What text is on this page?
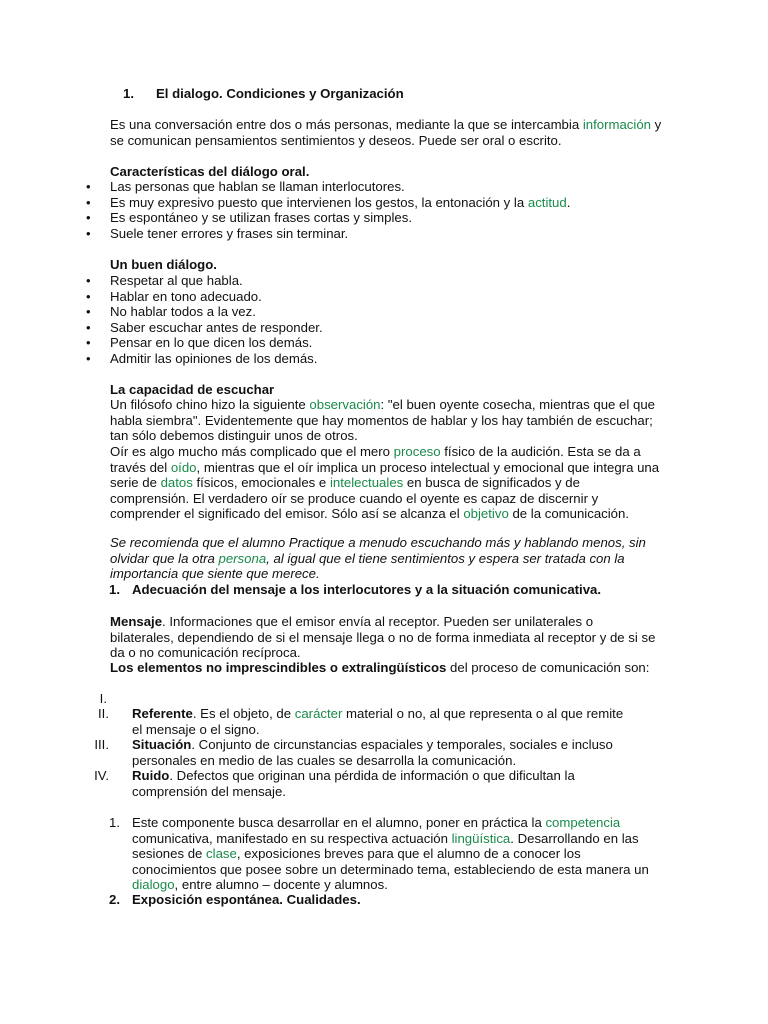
1. El dialogo. Condiciones y Organización

Es una conversación entre dos o más personas, mediante la que se intercambia información y se comunican pensamientos sentimientos y deseos. Puede ser oral o escrito.

Características del diálogo oral.

• Las personas que hablan se llaman interlocutores.
• Es muy expresivo puesto que intervienen los gestos, la entonación y la actitud.
• Es espontáneo y se utilizan frases cortas y simples.
• Suele tener errores y frases sin terminar.

Un buen diálogo.

• Respetar al que habla.
• Hablar en tono adecuado.
• No hablar todos a la vez.
• Saber escuchar antes de responder.
• Pensar en lo que dicen los demás.
• Admitir las opiniones de los demás.

La capacidad de escuchar

Un filósofo chino hizo la siguiente observación: "el buen oyente cosecha, mientras que el que habla siembra". Evidentemente que hay momentos de hablar y los hay también de escuchar; tan sólo debemos distinguir unos de otros.

Oír es algo mucho más complicado que el mero proceso físico de la audición. Esta se da a través del oído, mientras que el oír implica un proceso intelectual y emocional que integra una serie de datos físicos, emocionales e intelectuales en busca de significados y de comprensión. El verdadero oír se produce cuando el oyente es capaz de discernir y comprender el significado del emisor. Sólo así se alcanza el objetivo de la comunicación.

Se recomienda que el alumno Practique a menudo escuchando más y hablando menos, sin olvidar que la otra persona, al igual que el tiene sentimientos y espera ser tratada con la importancia que siente que merece.

1. Adecuación del mensaje a los interlocutores y a la situación comunicativa.

Mensaje. Informaciones que el emisor envía al receptor. Pueden ser unilaterales o bilaterales, dependiendo de si el mensaje llega o no de forma inmediata al receptor y de si se da o no comunicación recíproca.

Los elementos no imprescindibles o extralingüísticos del proceso de comunicación son:

I.
II. Referente. Es el objeto, de carácter material o no, al que representa o al que remite el mensaje o el signo.
III. Situación. Conjunto de circunstancias espaciales y temporales, sociales e incluso personales en medio de las cuales se desarrolla la comunicación.
IV. Ruido. Defectos que originan una pérdida de información o que dificultan la comprensión del mensaje.
1. Este componente busca desarrollar en el alumno, poner en práctica la competencia comunicativa, manifestado en su respectiva actuación lingüística. Desarrollando en las sesiones de clase, exposiciones breves para que el alumno de a conocer los conocimientos que posee sobre un determinado tema, estableciendo de esta manera un dialogo, entre alumno – docente y alumnos.
2. Exposición espontánea. Cualidades.
